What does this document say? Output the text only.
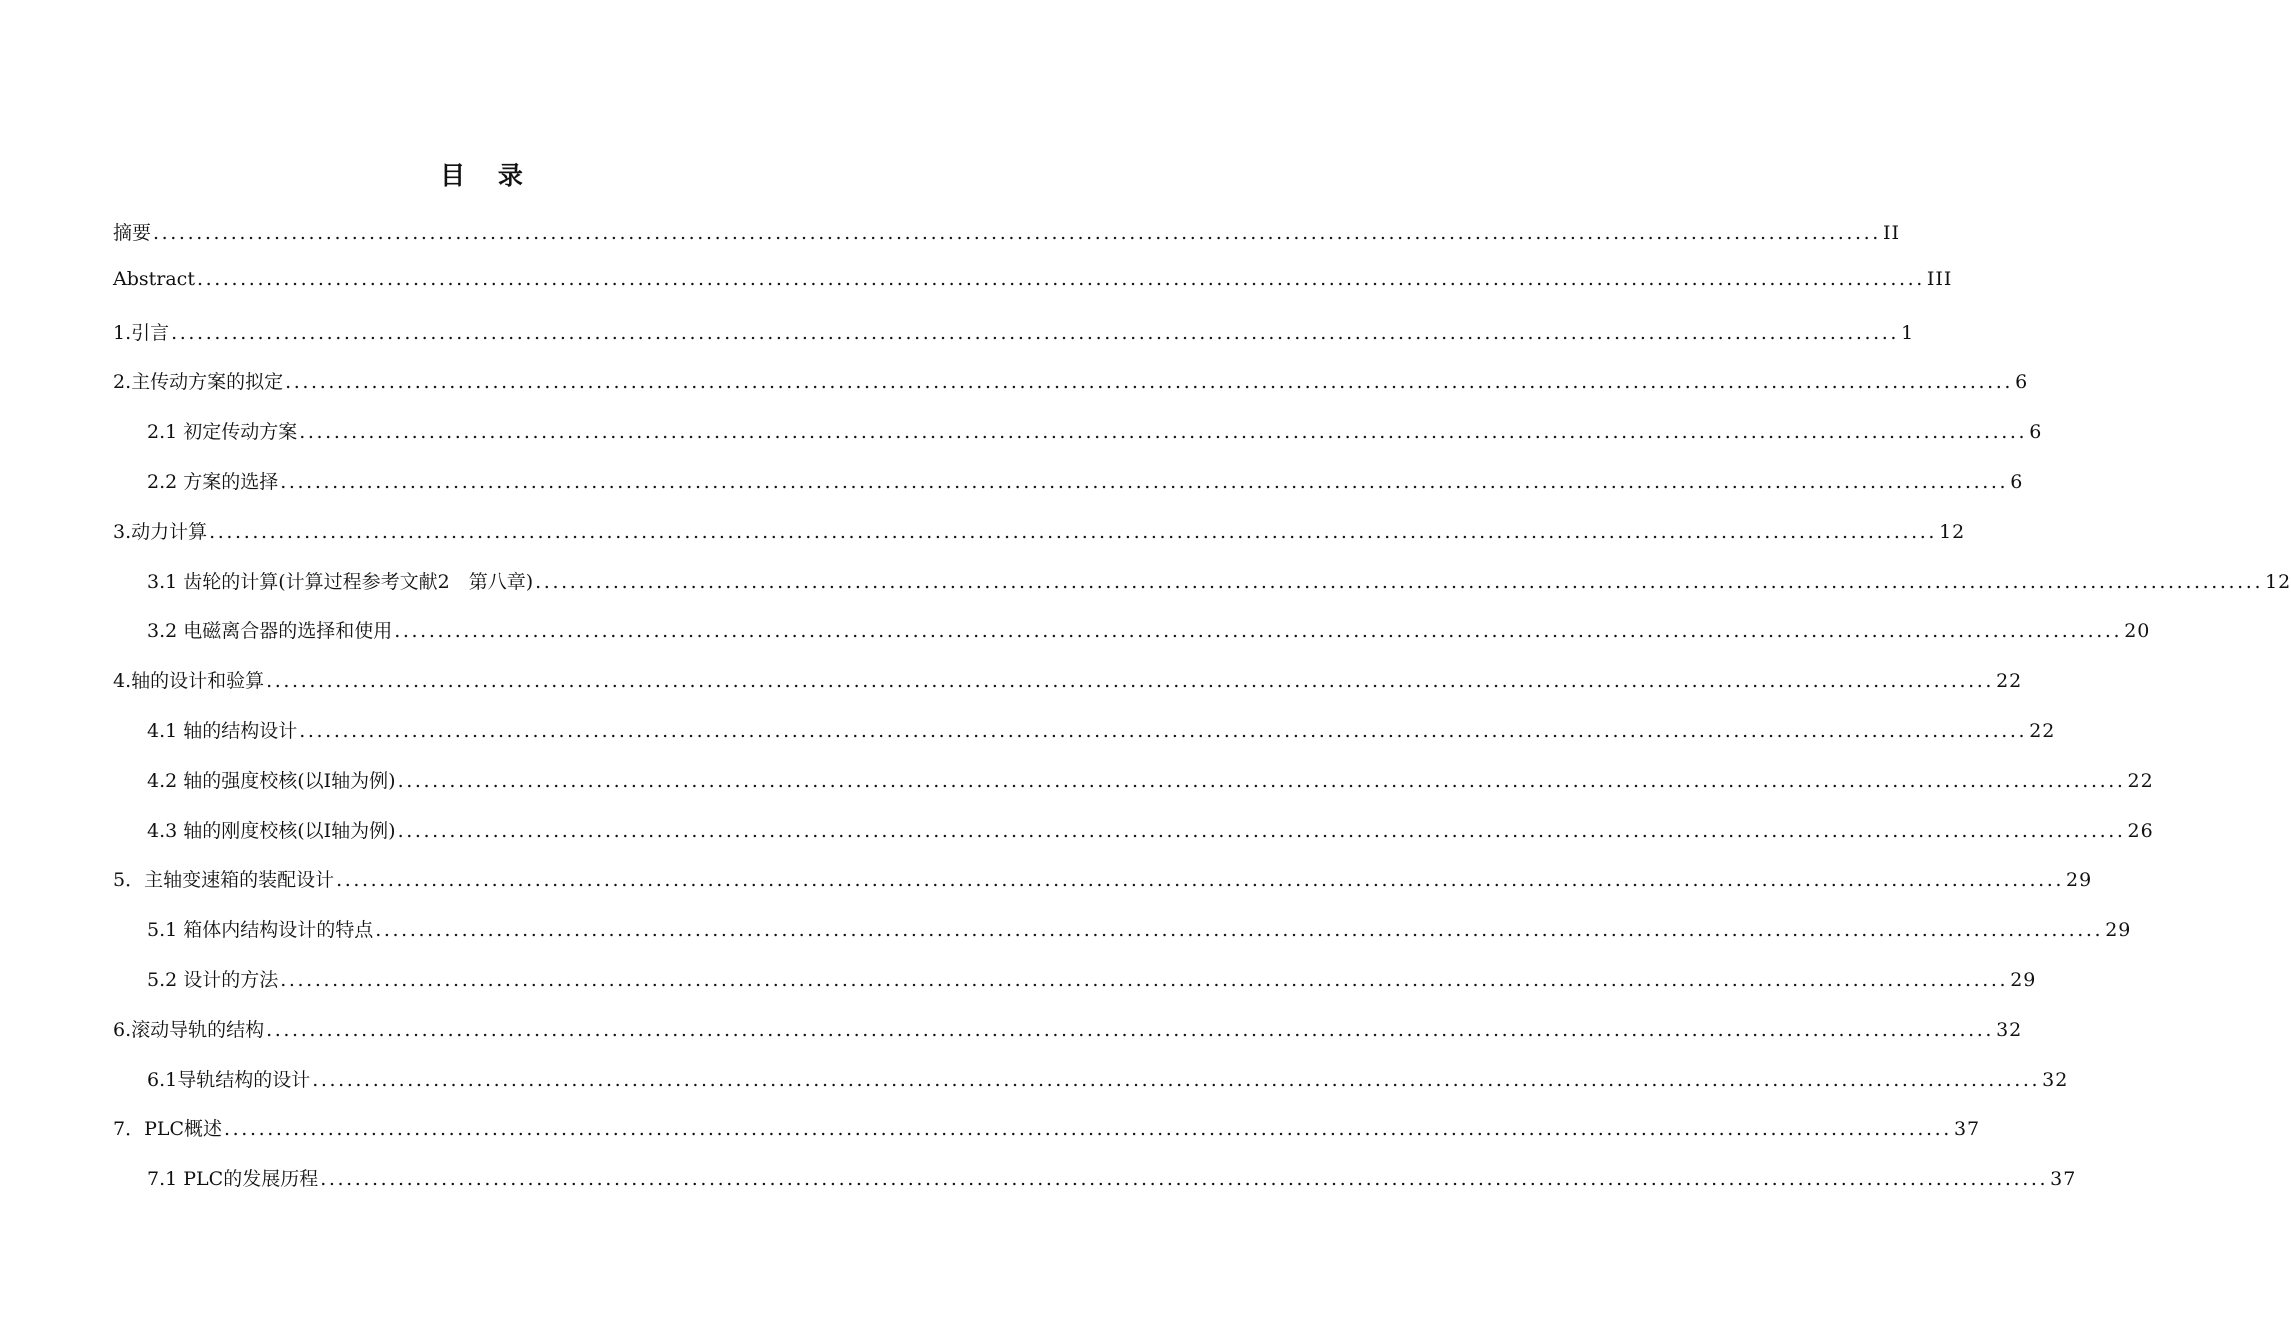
目 录
摘要 ........................................................................................................................................................................................................ II
Abstract ........................................................................................................................................................................................................ III
1.引言 ........................................................................................................................................................................................................ 1
2.主传动方案的拟定 ........................................................................................................................................................................................................ 6
2.1 初定传动方案 ........................................................................................................................................................................................................ 6
2.2 方案的选择 ........................................................................................................................................................................................................ 6
3.动力计算 ........................................................................................................................................................................................................ 12
3.1 齿轮的计算(计算过程参考文献2　第八章) ........................................................................................................................................................................................................ 12
3.2 电磁离合器的选择和使用 ........................................................................................................................................................................................................ 20
4.轴的设计和验算 ........................................................................................................................................................................................................ 22
4.1 轴的结构设计 ........................................................................................................................................................................................................ 22
4.2 轴的强度校核(以Ⅰ轴为例) ........................................................................................................................................................................................................ 22
4.3 轴的刚度校核(以Ⅰ轴为例) ........................................................................................................................................................................................................ 26
5．主轴变速箱的装配设计 ........................................................................................................................................................................................................ 29
5.1 箱体内结构设计的特点 ........................................................................................................................................................................................................ 29
5.2 设计的方法 ........................................................................................................................................................................................................ 29
6.滚动导轨的结构 ........................................................................................................................................................................................................ 32
6.1导轨结构的设计 ........................................................................................................................................................................................................ 32
7．PLC概述 ........................................................................................................................................................................................................ 37
7.1 PLC的发展历程 ........................................................................................................................................................................................................ 37
